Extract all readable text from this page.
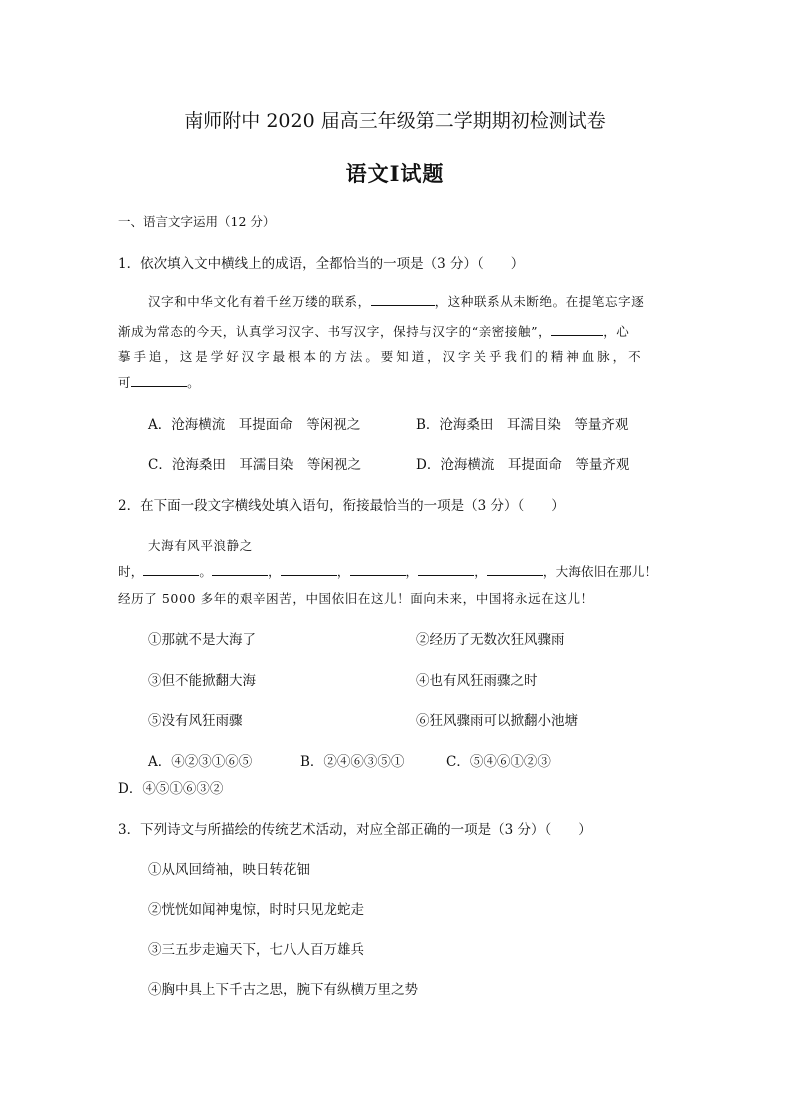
南师附中 2020 届高三年级第二学期期初检测试卷
语文Ⅰ试题
一、语言文字运用（12 分）
1．依次填入文中横线上的成语，全都恰当的一项是（3 分）（　　）
汉字和中华文化有着千丝万缕的联系，	，这种联系从未断绝。在提笔忘字逐
渐成为常态的今天，认真学习汉字、书写汉字，保持与汉字的“亲密接触”，	，心
摹手追，这是学好汉字最根本的方法。要知道，汉字关乎我们的精神血脉，不
可	。
A．沧海横流　耳提面命　等闲视之	B．沧海桑田　耳濡目染　等量齐观
C．沧海桑田　耳濡目染　等闲视之	D．沧海横流　耳提面命　等量齐观
2．在下面一段文字横线处填入语句，衔接最恰当的一项是（3 分）（　　）
大海有风平浪静之
时，	。	，	，	，	，	，大海依旧在那儿！
经历了 5000 多年的艰辛困苦，中国依旧在这儿！面向未来，中国将永远在这儿！
①那就不是大海了	②经历了无数次狂风骤雨
③但不能掀翻大海	④也有风狂雨骤之时
⑤没有风狂雨骤	⑥狂风骤雨可以掀翻小池塘
A．④②③①⑥⑤	B．②④⑥③⑤①	C．⑤④⑥①②③
D．④⑤①⑥③②
3．下列诗文与所描绘的传统艺术活动，对应全部正确的一项是（3 分）（　　）
①从风回绮袖，映日转花钿
②恍恍如闻神鬼惊，时时只见龙蛇走
③三五步走遍天下，七八人百万雄兵
④胸中具上下千古之思，腕下有纵横万里之势
